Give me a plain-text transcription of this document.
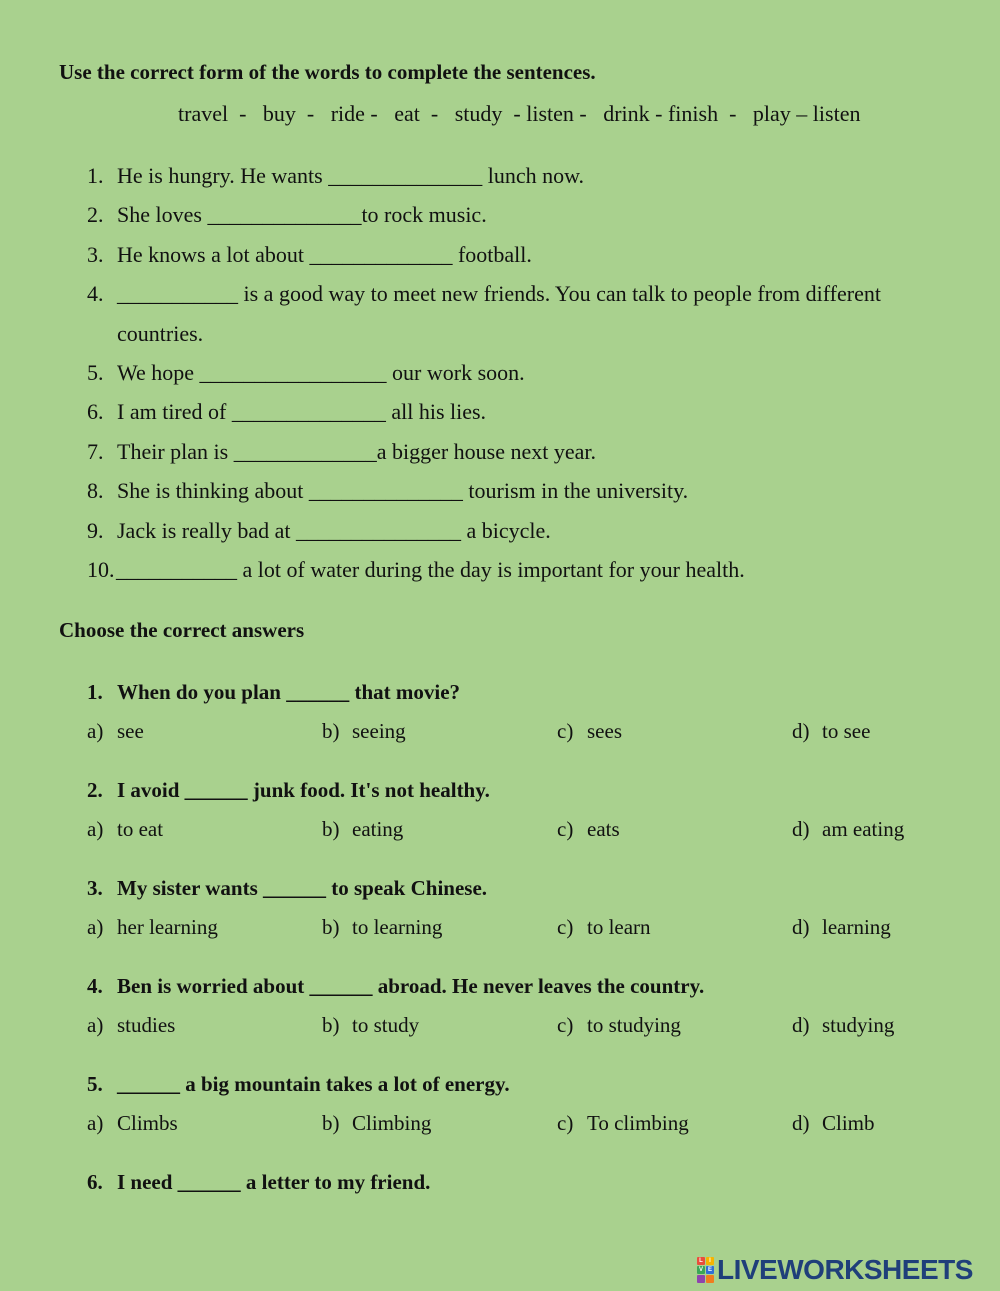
Use the correct form of the words to complete the sentences.
travel  -   buy  -   ride -   eat  -   study  - listen -   drink - finish  -   play – listen
1. He is hungry. He wants ______________ lunch now.
2. She loves ______________to rock music.
3. He knows a lot about _____________ football.
4. ___________ is a good way to meet new friends. You can talk to people from different countries.
5. We hope _________________ our work soon.
6. I am tired of ______________ all his lies.
7. Their plan is _____________a bigger house next year.
8. She is thinking about ______________ tourism in the university.
9. Jack is really bad at _______________ a bicycle.
10. ___________ a lot of water during the day is important for your health.
Choose the correct answers
1. When do you plan ______ that movie?
a) see	b) seeing	c) sees	d) to see
2. I avoid ______ junk food. It's not healthy.
a) to eat	b) eating	c) eats	d) am eating
3. My sister wants ______ to speak Chinese.
a) her learning	b) to learning	c) to learn	d) learning
4. Ben is worried about ______ abroad. He never leaves the country.
a) studies	b) to study	c) to studying	d) studying
5. ______ a big mountain takes a lot of energy.
a) Climbs	b) Climbing	c) To climbing	d) Climb
6. I need ______ a letter to my friend.
L	I
V E LIVEWORKSHEETS
